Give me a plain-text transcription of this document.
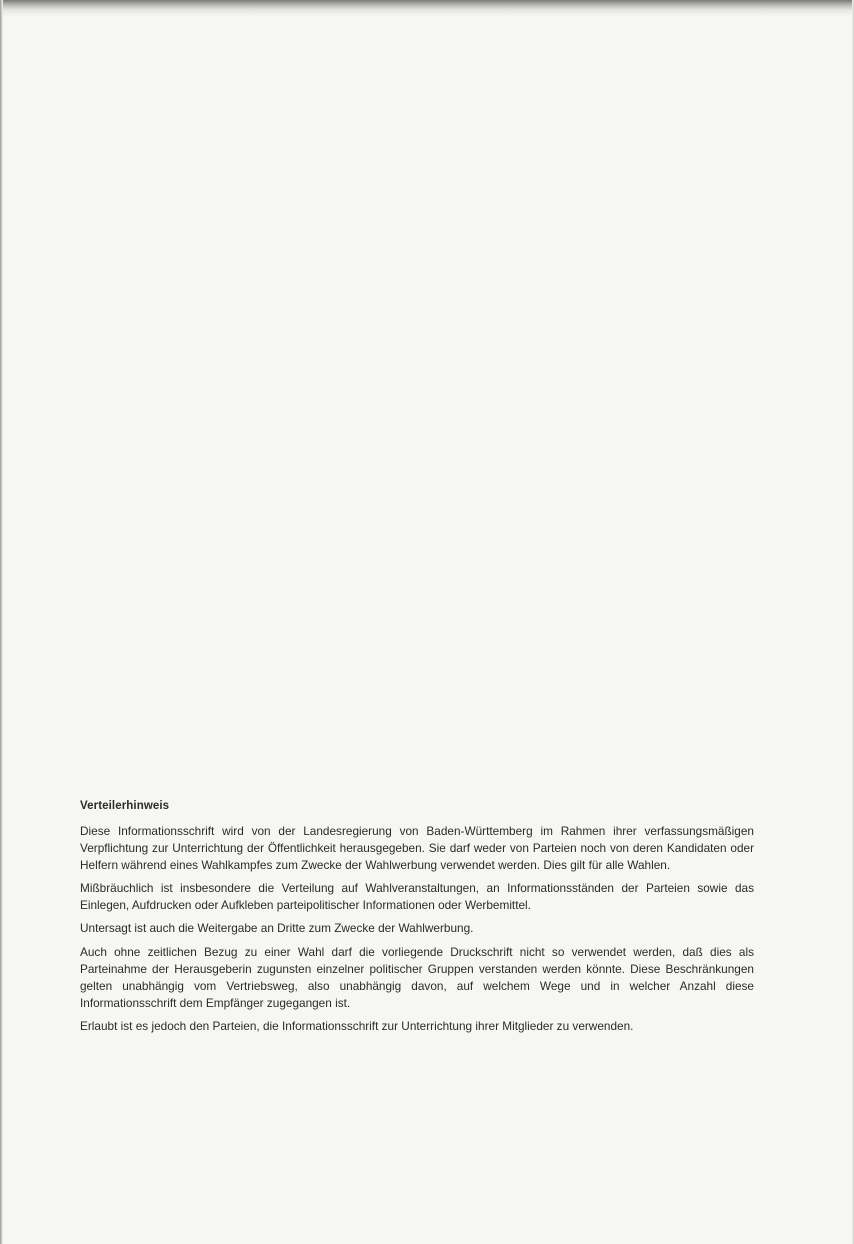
Verteilerhinweis

Diese Informationsschrift wird von der Landesregierung von Baden-Württemberg im Rahmen ihrer verfassungsmäßigen Verpflichtung zur Unterrichtung der Öffentlichkeit herausgegeben. Sie darf weder von Parteien noch von deren Kandidaten oder Helfern während eines Wahlkampfes zum Zwecke der Wahlwerbung verwendet werden. Dies gilt für alle Wahlen.

Mißbräuchlich ist insbesondere die Verteilung auf Wahlveranstaltungen, an Informationsständen der Parteien sowie das Einlegen, Aufdrucken oder Aufkleben parteipolitischer Informationen oder Werbemittel.

Untersagt ist auch die Weitergabe an Dritte zum Zwecke der Wahlwerbung.

Auch ohne zeitlichen Bezug zu einer Wahl darf die vorliegende Druckschrift nicht so verwendet werden, daß dies als Parteinahme der Herausgeberin zugunsten einzelner politischer Gruppen verstanden werden könnte. Diese Beschränkungen gelten unabhängig vom Vertriebsweg, also unabhängig davon, auf welchem Wege und in welcher Anzahl diese Informationsschrift dem Empfänger zugegangen ist.

Erlaubt ist es jedoch den Parteien, die Informationsschrift zur Unterrichtung ihrer Mitglieder zu verwenden.
